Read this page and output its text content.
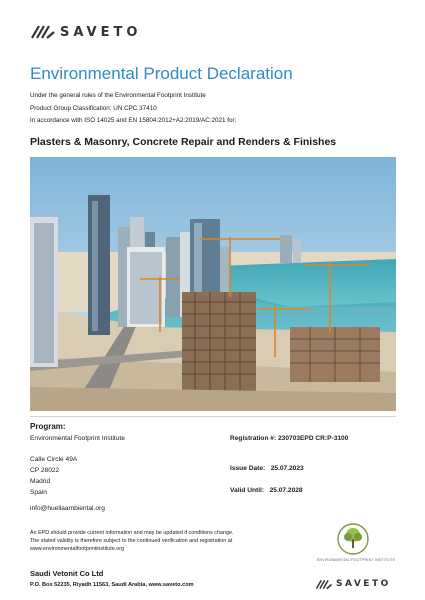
SAVETO
Environmental Product Declaration
Under the general rules of the Environmental Footprint Institute
Product Group Classification: UN CPC 37410
In accordance with ISO 14025 and EN 15804:2012+A2:2019/AC:2021 for:
Plasters & Masonry, Concrete Repair and Renders & Finishes
Program:
Environmental Footprint Institute
Calle Circle 49A
CP 28022
Madrid
Spain
Registration #: 230703EPD CR:P-3100
Issue Date: 25.07.2023
Valid Until: 25.07.2028
info@huellaambiental.org
An EPD should provide current information and may be updated if conditions change.
The stated validity is therefore subject to the continued verification and registration at
www.environmentalfootprintinstitute.org
ENVIRONMENTAL FOOTPRINT INSTITUTE
Saudi Vetonit Co Ltd
P.O. Box 52235, Riyadh 11563, Saudi Arabia, www.saveto.com	SAVETO
